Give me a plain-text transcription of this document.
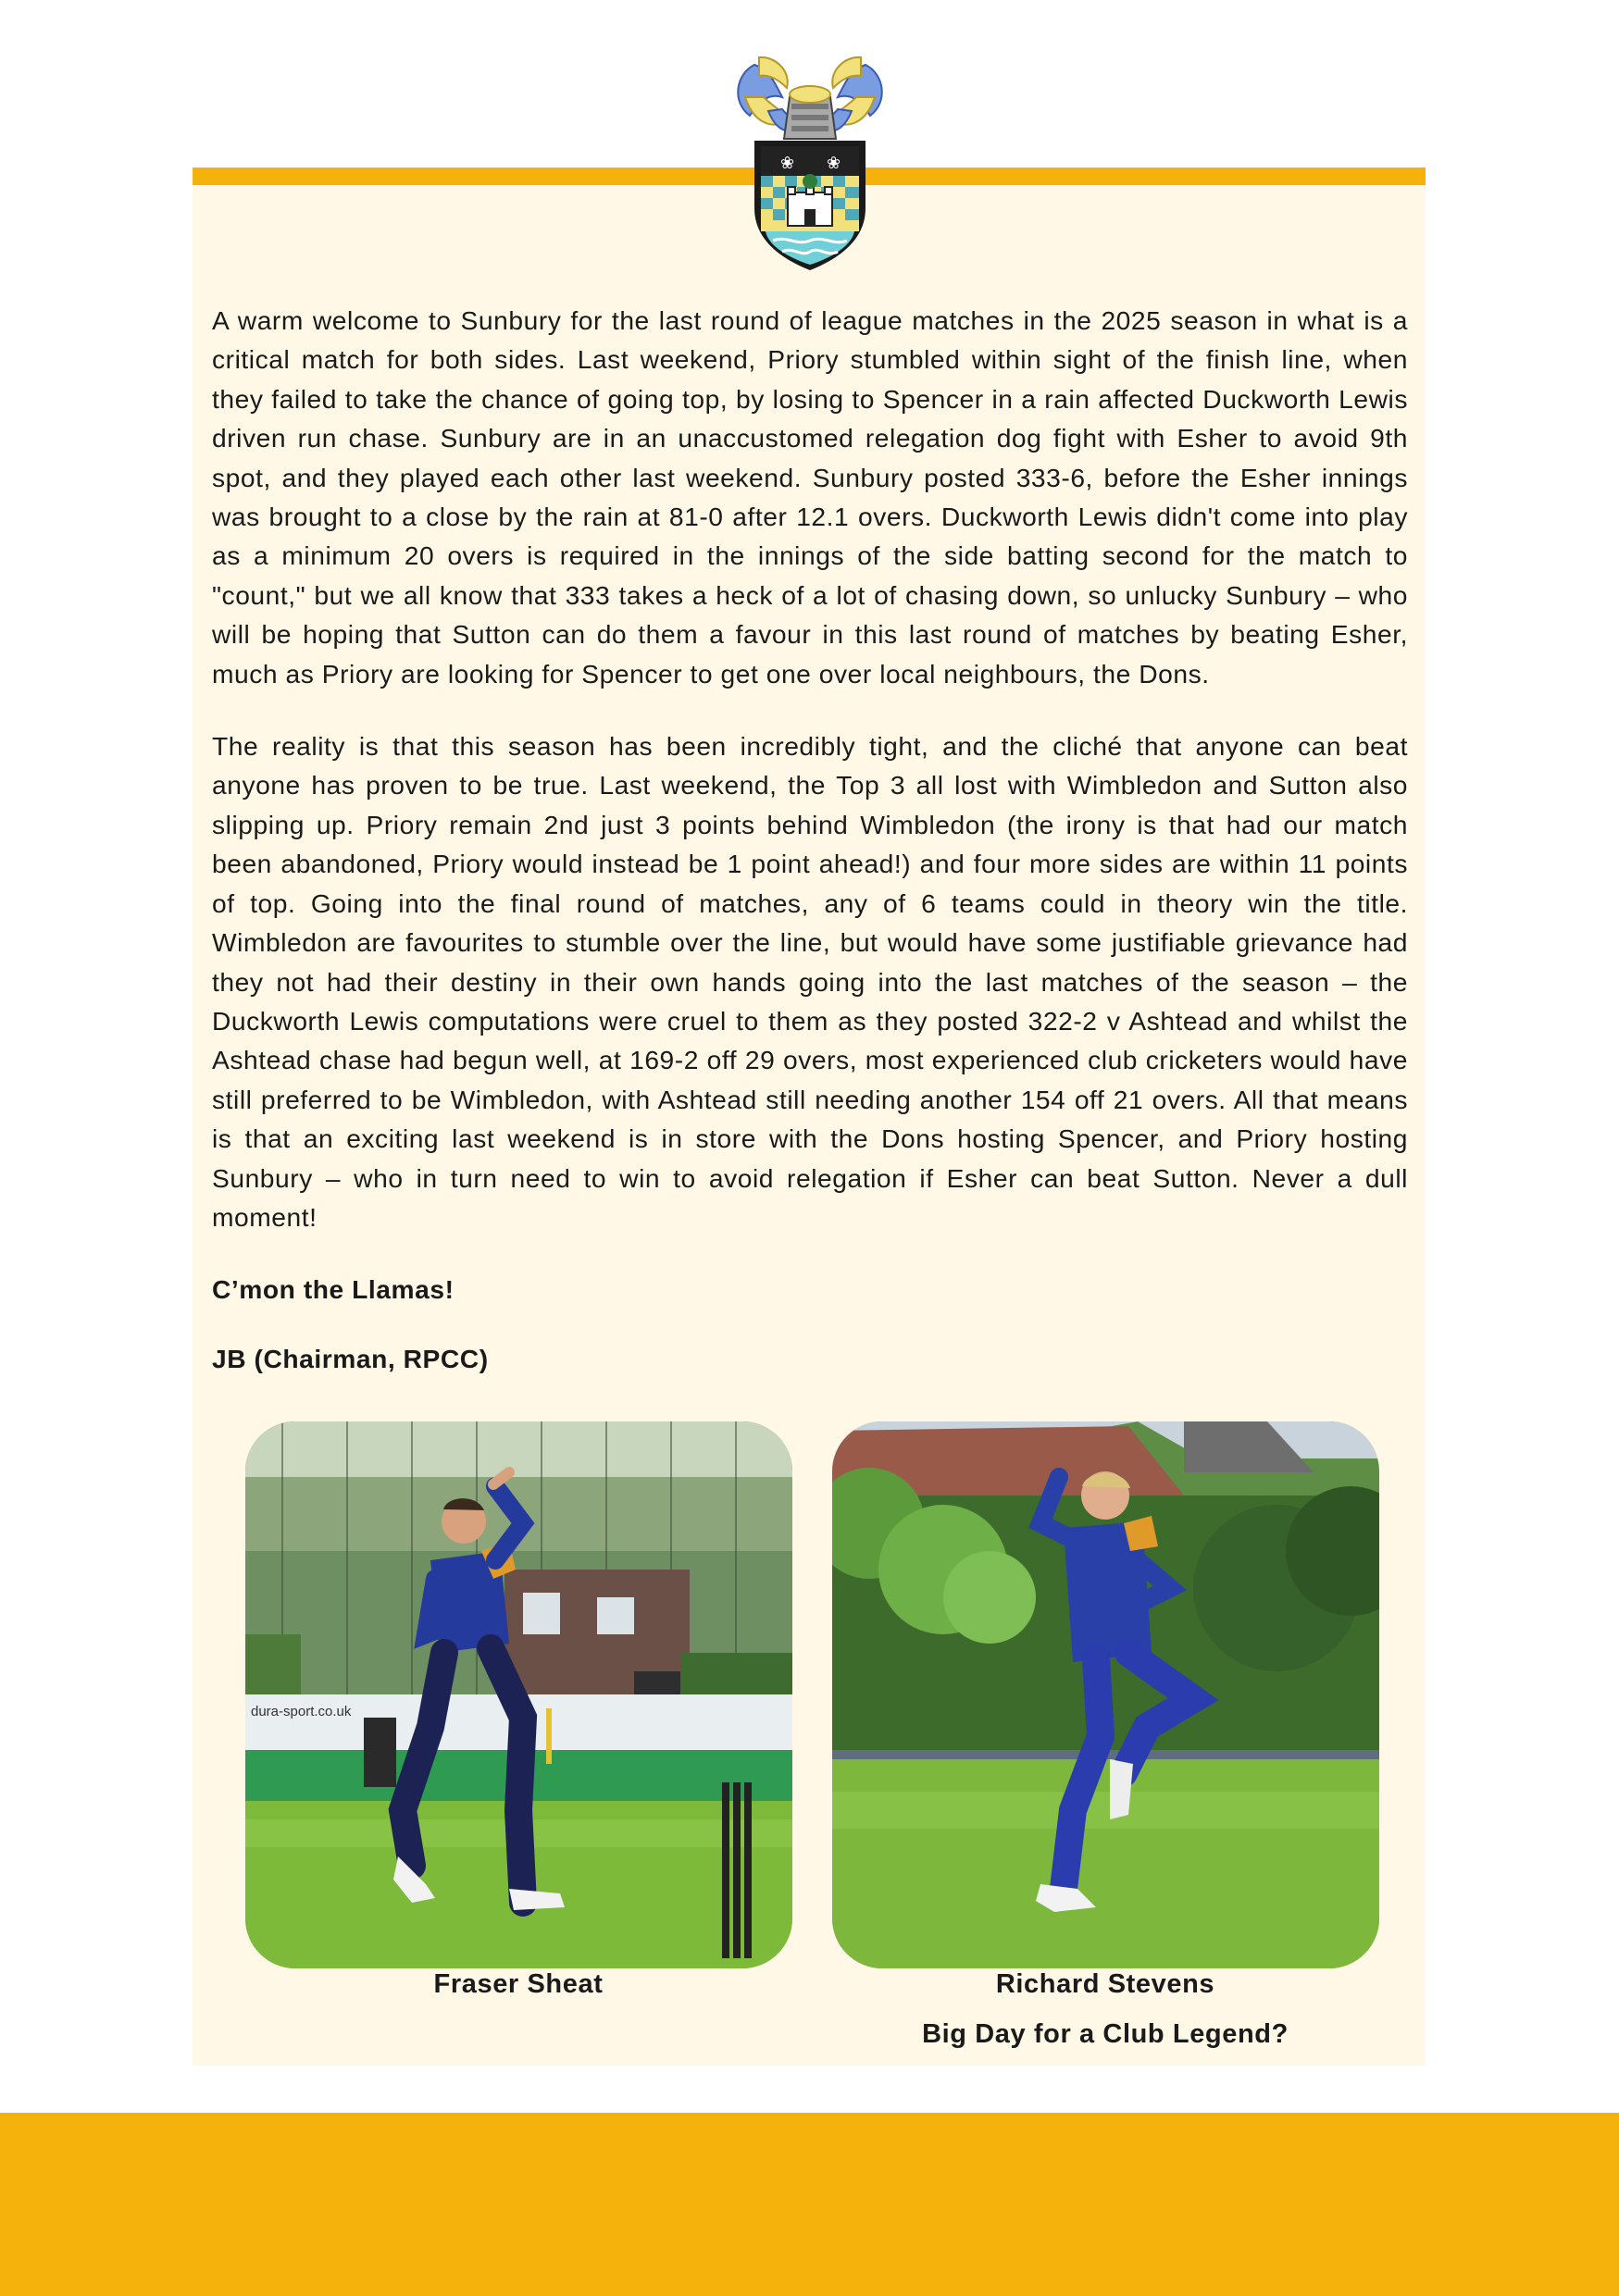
❀ ❀

A warm welcome to Sunbury for the last round of league matches in the 2025 season in what is a critical match for both sides. Last weekend, Priory stumbled within sight of the finish line, when they failed to take the chance of going top, by losing to Spencer in a rain affected Duckworth Lewis driven run chase. Sunbury are in an unaccustomed relegation dog fight with Esher to avoid 9th spot, and they played each other last weekend. Sunbury posted 333-6, before the Esher innings was brought to a close by the rain at 81-0 after 12.1 overs. Duckworth Lewis didn't come into play as a minimum 20 overs is required in the innings of the side batting second for the match to "count," but we all know that 333 takes a heck of a lot of chasing down, so unlucky Sunbury – who will be hoping that Sutton can do them a favour in this last round of matches by beating Esher, much as Priory are looking for Spencer to get one over local neighbours, the Dons.

The reality is that this season has been incredibly tight, and the cliché that anyone can beat anyone has proven to be true. Last weekend, the Top 3 all lost with Wimbledon and Sutton also slipping up. Priory remain 2nd just 3 points behind Wimbledon (the irony is that had our match been abandoned, Priory would instead be 1 point ahead!) and four more sides are within 11 points of top. Going into the final round of matches, any of 6 teams could in theory win the title. Wimbledon are favourites to stumble over the line, but would have some justifiable grievance had they not had their destiny in their own hands going into the last matches of the season – the Duckworth Lewis computations were cruel to them as they posted 322-2 v Ashtead and whilst the Ashtead chase had begun well, at 169-2 off 29 overs, most experienced club cricketers would have still preferred to be Wimbledon, with Ashtead still needing another 154 off 21 overs. All that means is that an exciting last weekend is in store with the Dons hosting Spencer, and Priory hosting Sunbury – who in turn need to win to avoid relegation if Esher can beat Sutton. Never a dull moment!

C’mon the Llamas!

JB (Chairman, RPCC)

dura-sport.co.uk
Fraser Sheat	Richard Stevens
Big Day for a Club Legend?
